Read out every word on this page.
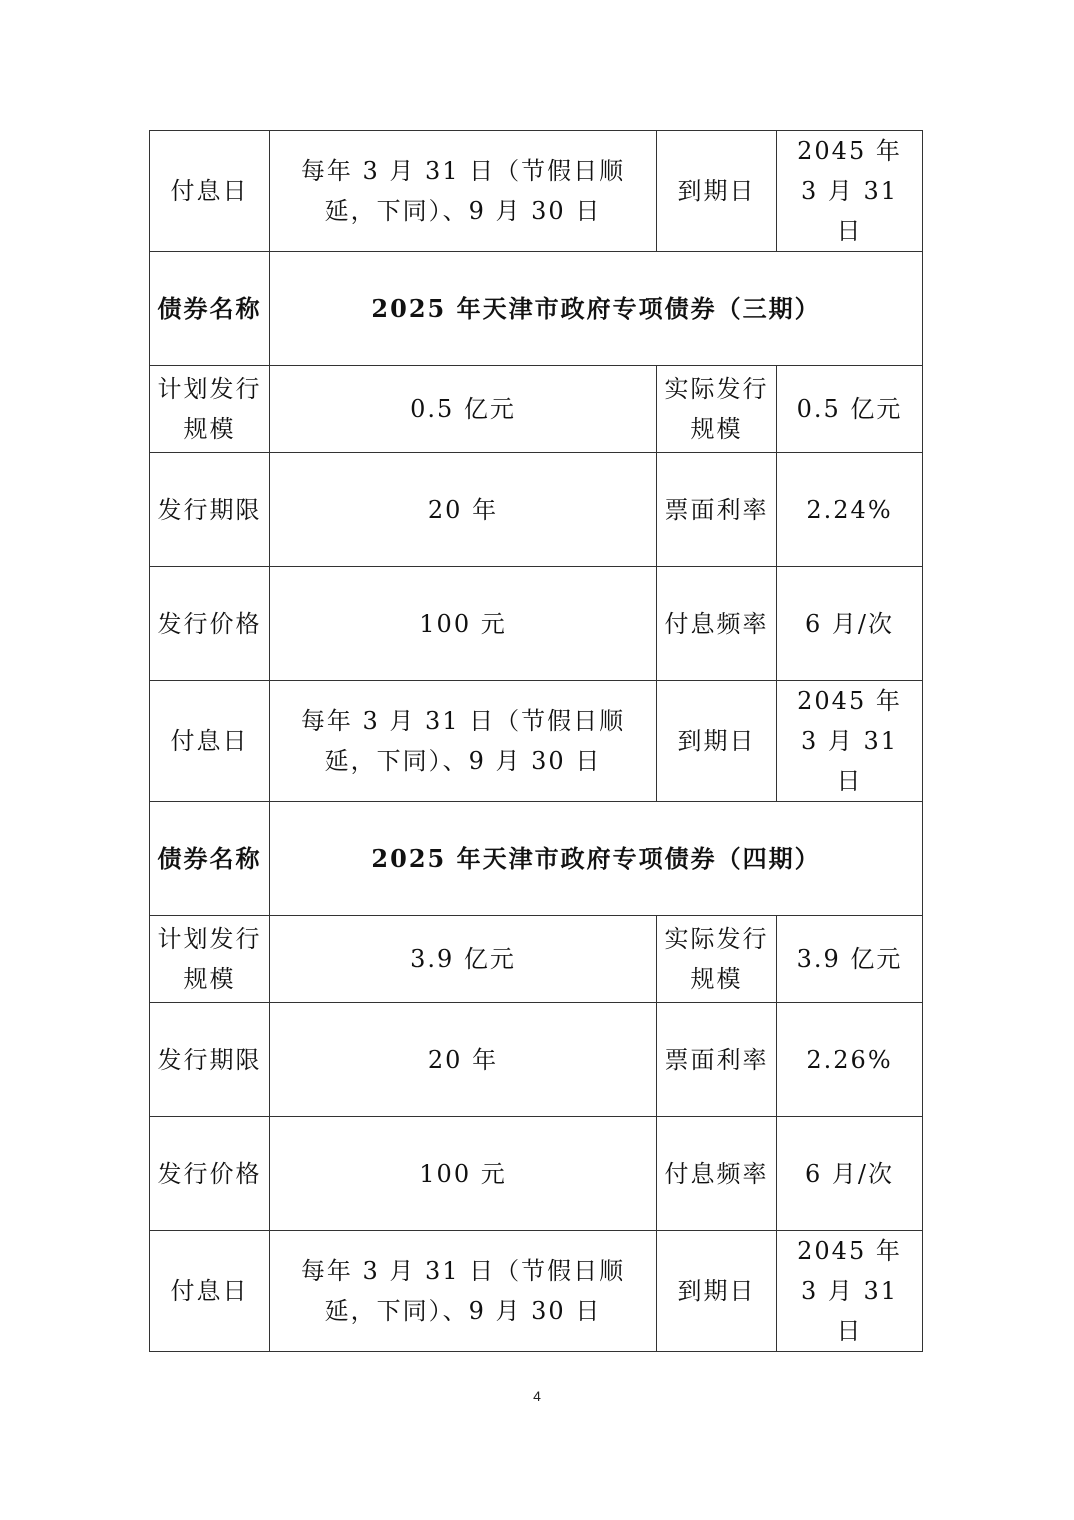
付息日	每年 3 月 31 日（节假日顺延，下同）、9 月 30 日	到期日	2045 年 3 月 31 日

债券名称	2025 年天津市政府专项债券（三期）		
计划发行规模	0.5 亿元	实际发行规模	0.5 亿元
发行期限	20 年	票面利率	2.24%
发行价格	100 元	付息频率	6 月/次
付息日	每年 3 月 31 日（节假日顺延，下同）、9 月 30 日	到期日	2045 年 3 月 31 日

债券名称	2025 年天津市政府专项债券（四期）		
计划发行规模	3.9 亿元	实际发行规模	3.9 亿元
发行期限	20 年	票面利率	2.26%
发行价格	100 元	付息频率	6 月/次
付息日	每年 3 月 31 日（节假日顺延，下同）、9 月 30 日	到期日	2045 年 3 月 31 日
4
